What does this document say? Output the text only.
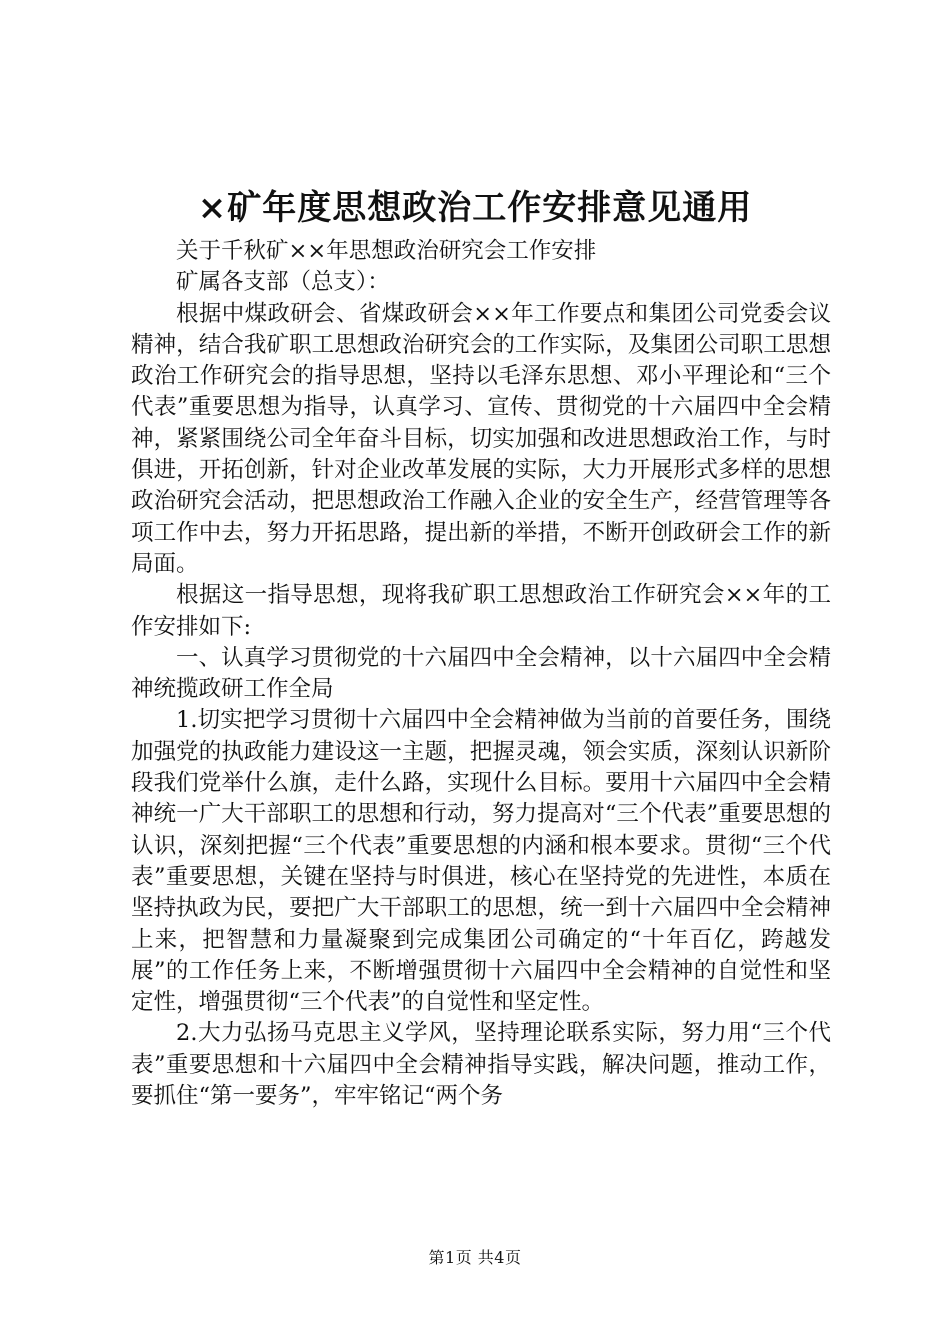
×矿年度思想政治工作安排意见通用

关于千秋矿××年思想政治研究会工作安排

矿属各支部（总支）：

根据中煤政研会、省煤政研会××年工作要点和集团公司党委会议精神，结合我矿职工思想政治研究会的工作实际，及集团公司职工思想政治工作研究会的指导思想，坚持以毛泽东思想、邓小平理论和“三个代表”重要思想为指导，认真学习、宣传、贯彻党的十六届四中全会精神，紧紧围绕公司全年奋斗目标，切实加强和改进思想政治工作，与时俱进，开拓创新，针对企业改革发展的实际，大力开展形式多样的思想政治研究会活动，把思想政治工作融入企业的安全生产，经营管理等各项工作中去，努力开拓思路，提出新的举措，不断开创政研会工作的新局面。

根据这一指导思想，现将我矿职工思想政治工作研究会××年的工作安排如下:

一、认真学习贯彻党的十六届四中全会精神，以十六届四中全会精神统揽政研工作全局

1.切实把学习贯彻十六届四中全会精神做为当前的首要任务，围绕加强党的执政能力建设这一主题，把握灵魂，领会实质，深刻认识新阶段我们党举什么旗，走什么路，实现什么目标。要用十六届四中全会精神统一广大干部职工的思想和行动，努力提高对“三个代表”重要思想的认识，深刻把握“三个代表”重要思想的内涵和根本要求。贯彻“三个代表”重要思想，关键在坚持与时俱进，核心在坚持党的先进性，本质在坚持执政为民，要把广大干部职工的思想，统一到十六届四中全会精神上来，把智慧和力量凝聚到完成集团公司确定的“十年百亿，跨越发展”的工作任务上来，不断增强贯彻十六届四中全会精神的自觉性和坚定性，增强贯彻“三个代表”的自觉性和坚定性。

2.大力弘扬马克思主义学风，坚持理论联系实际，努力用“三个代表”重要思想和十六届四中全会精神指导实践，解决问题，推动工作，要抓住“第一要务”，牢牢铭记“两个务

第1页 共4页
